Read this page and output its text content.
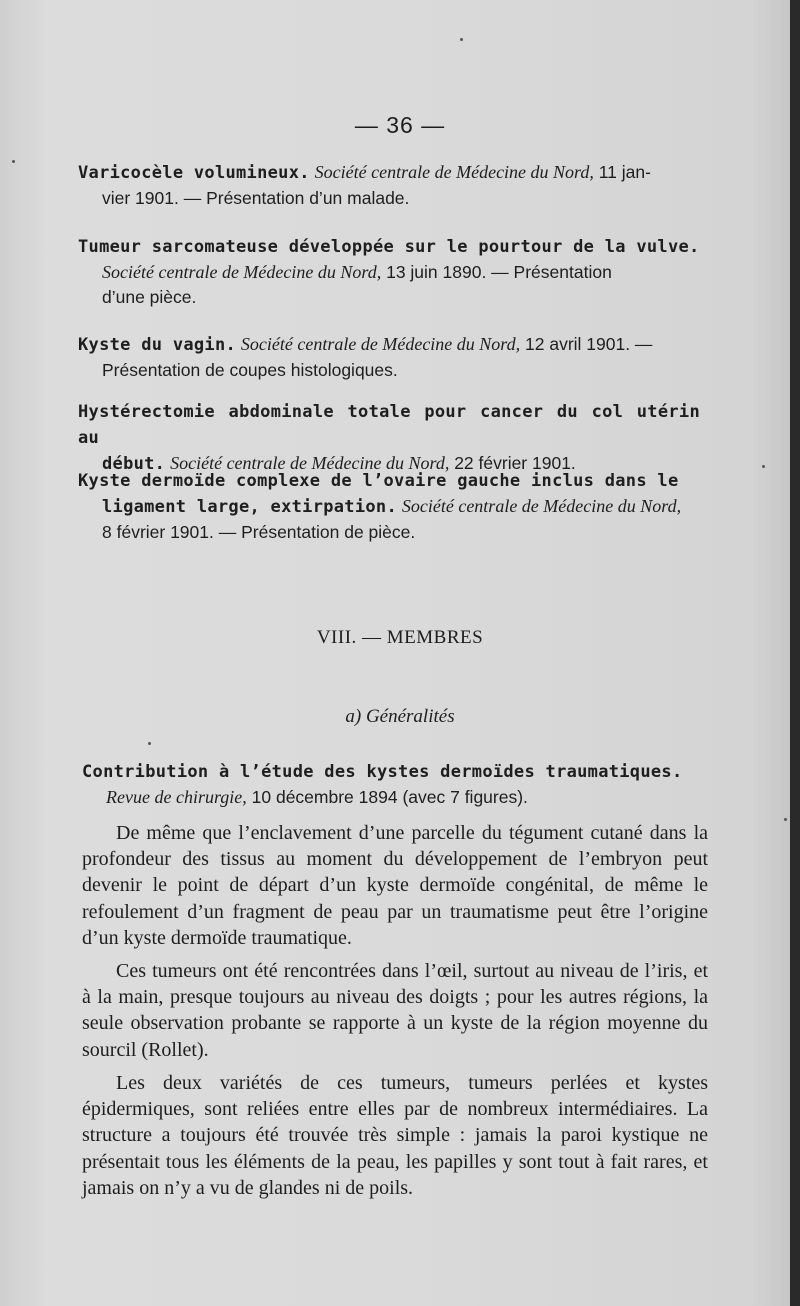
— 36 —
Varicocèle volumineux. Société centrale de Médecine du Nord, 11 jan-
vier 1901. — Présentation d’un malade.
Tumeur sarcomateuse développée sur le pourtour de la vulve.
Société centrale de Médecine du Nord, 13 juin 1890. — Présentation
d’une pièce.
Kyste du vagin. Société centrale de Médecine du Nord, 12 avril 1901. —
Présentation de coupes histologiques.
Hystérectomie abdominale totale pour cancer du col utérin au
début. Société centrale de Médecine du Nord, 22 février 1901.
Kyste dermoïde complexe de l’ovaire gauche inclus dans le
ligament large, extirpation. Société centrale de Médecine du Nord,
8 février 1901. — Présentation de pièce.
VIII. — MEMBRES
a) Généralités
Contribution à l’étude des kystes dermoïdes traumatiques.
Revue de chirurgie, 10 décembre 1894 (avec 7 figures).

De même que l’enclavement d’une parcelle du tégument cutané dans la profondeur des tissus au moment du développement de l’embryon peut devenir le point de départ d’un kyste dermoïde congénital, de même le refoulement d’un fragment de peau par un traumatisme peut être l’origine d’un kyste dermoïde traumatique.

Ces tumeurs ont été rencontrées dans l’œil, surtout au niveau de l’iris, et à la main, presque toujours au niveau des doigts ; pour les autres régions, la seule observation probante se rapporte à un kyste de la région moyenne du sourcil (Rollet).

Les deux variétés de ces tumeurs, tumeurs perlées et kystes épidermiques, sont reliées entre elles par de nombreux intermédiaires. La structure a toujours été trouvée très simple : jamais la paroi kystique ne présentait tous les éléments de la peau, les papilles y sont tout à fait rares, et jamais on n’y a vu de glandes ni de poils.
